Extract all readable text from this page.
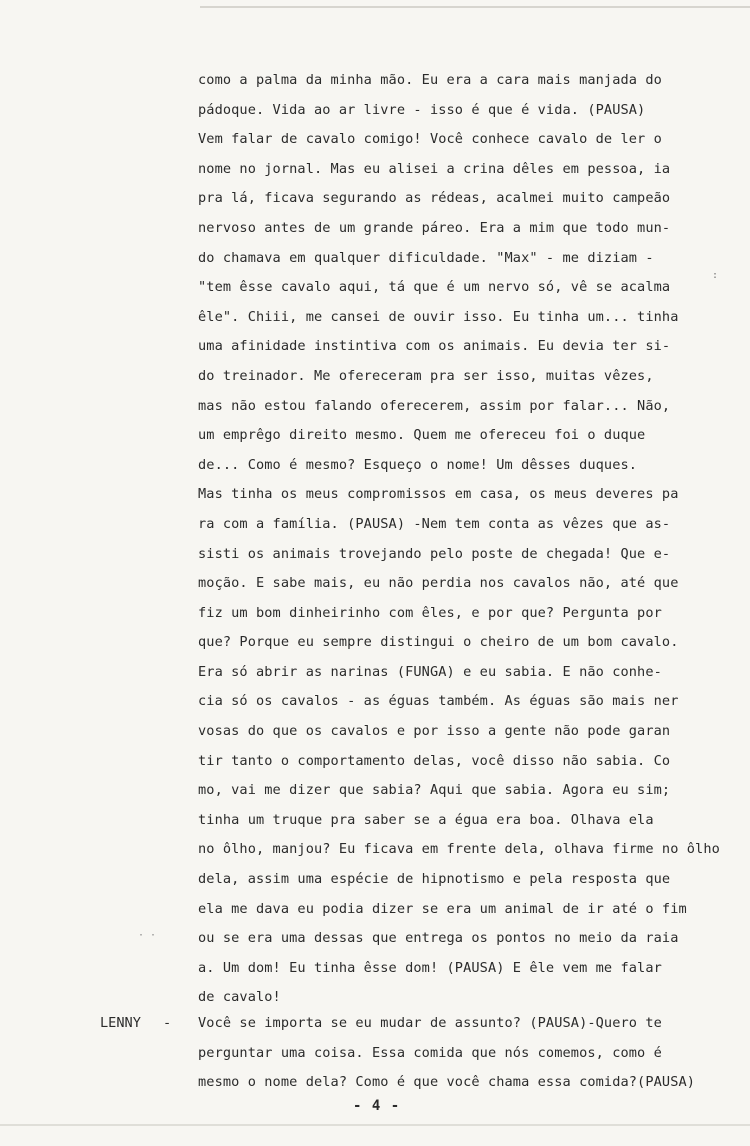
:
· ·
como a palma da minha mão. Eu era a cara mais manjada do
pádoque. Vida ao ar livre - isso é que é vida. (PAUSA)
Vem falar de cavalo comigo! Você conhece cavalo de ler o
nome no jornal. Mas eu alisei a crina dêles em pessoa, ia
pra lá, ficava segurando as rédeas, acalmei muito campeão
nervoso antes de um grande páreo. Era a mim que todo mun-
do chamava em qualquer dificuldade. "Max" - me diziam -
"tem êsse cavalo aqui, tá que é um nervo só, vê se acalma
êle". Chiii, me cansei de ouvir isso. Eu tinha um... tinha
uma afinidade instintiva com os animais. Eu devia ter si-
do treinador. Me ofereceram pra ser isso, muitas vêzes,
mas não estou falando oferecerem, assim por falar... Não,
um emprêgo direito mesmo. Quem me ofereceu foi o duque
de... Como é mesmo? Esqueço o nome! Um dêsses duques.
Mas tinha os meus compromissos em casa, os meus deveres pa
ra com a família. (PAUSA) -Nem tem conta as vêzes que as-
sisti os animais trovejando pelo poste de chegada! Que e-
moção. E sabe mais, eu não perdia nos cavalos não, até que
fiz um bom dinheirinho com êles, e por que? Pergunta por
que? Porque eu sempre distingui o cheiro de um bom cavalo.
Era só abrir as narinas (FUNGA) e eu sabia. E não conhe-
cia só os cavalos - as éguas também. As éguas são mais ner
vosas do que os cavalos e por isso a gente não pode garan
tir tanto o comportamento delas, você disso não sabia. Co
mo, vai me dizer que sabia? Aqui que sabia. Agora eu sim;
tinha um truque pra saber se a égua era boa. Olhava ela
no ôlho, manjou? Eu ficava em frente dela, olhava firme no ôlho
dela, assim uma espécie de hipnotismo e pela resposta que
ela me dava eu podia dizer se era um animal de ir até o fim
ou se era uma dessas que entrega os pontos no meio da raia
a. Um dom! Eu tinha êsse dom! (PAUSA) E êle vem me falar
de cavalo!
LENNY - Você se importa se eu mudar de assunto? (PAUSA)-Quero te
perguntar uma coisa. Essa comida que nós comemos, como é
mesmo o nome dela? Como é que você chama essa comida?(PAUSA)
- 4 -
